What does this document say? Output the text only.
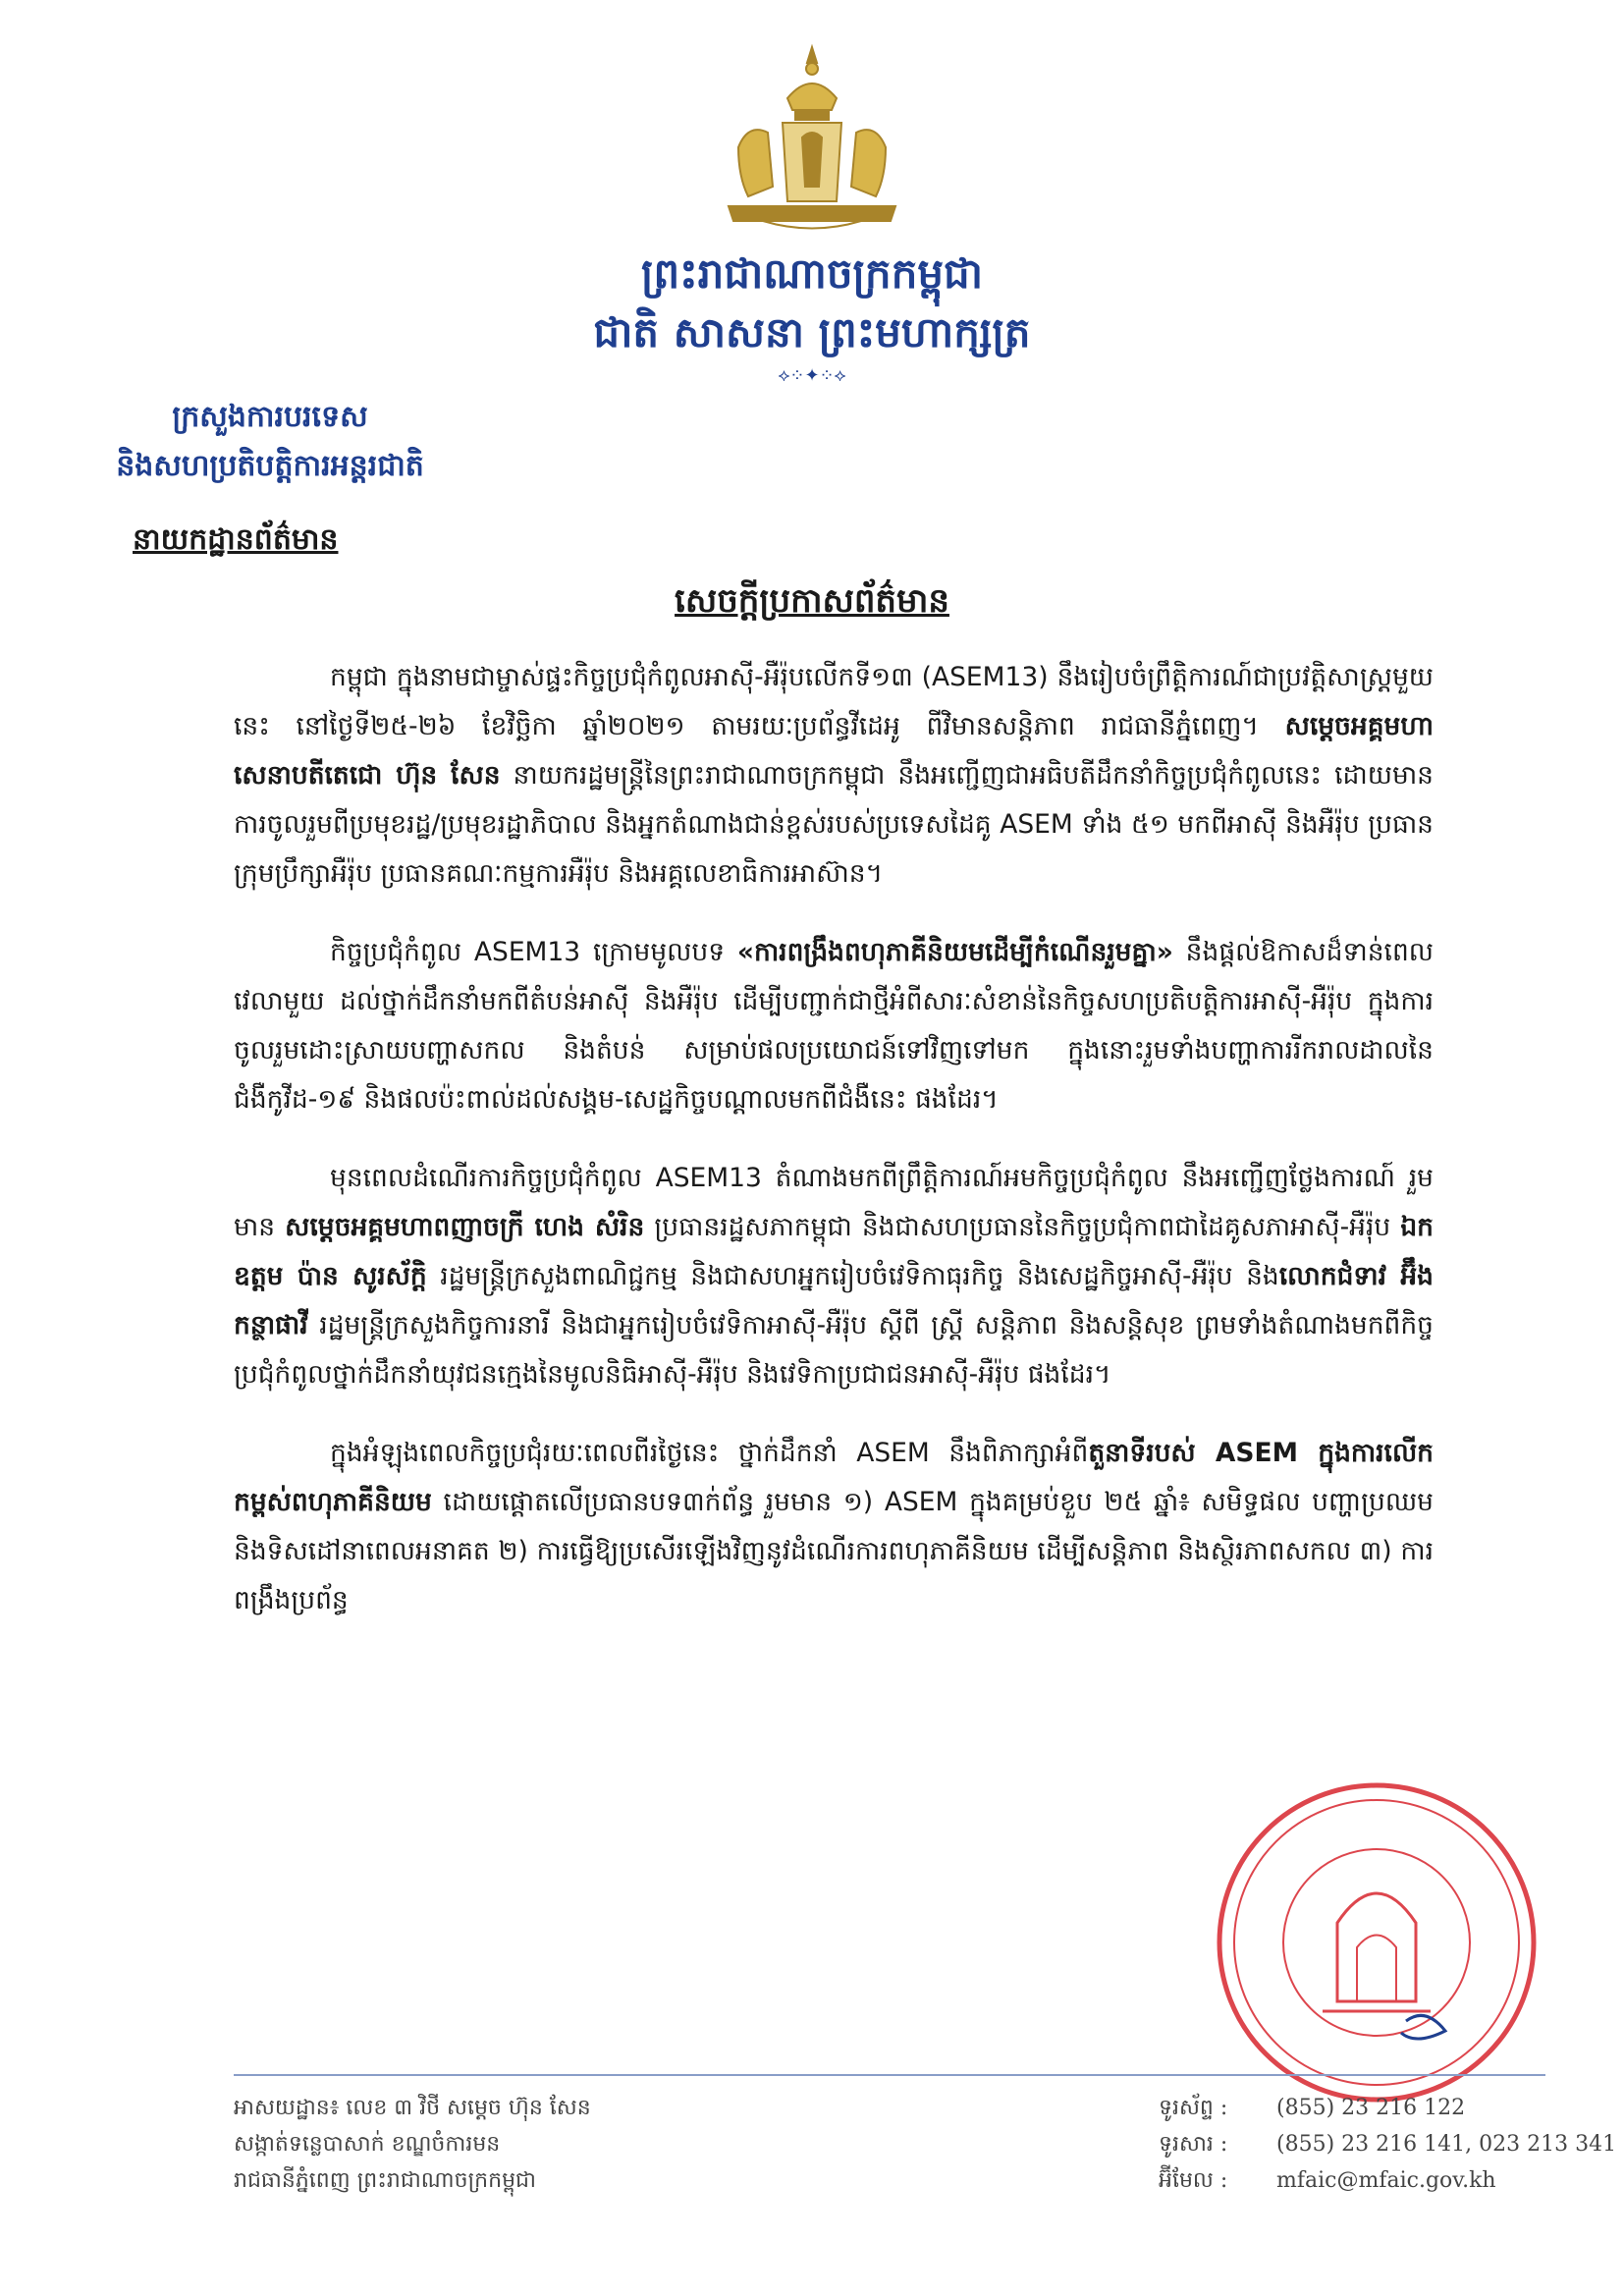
ព្រះរាជាណាចក្រកម្ពុជា
ជាតិ សាសនា ព្រះមហាក្សត្រ
⟡⁘✦⁘⟡
ក្រសួងការបរទេស
និងសហប្រតិបត្តិការអន្តរជាតិ
នាយកដ្ឋានព័ត៌មាន
សេចក្តីប្រកាសព័ត៌មាន

កម្ពុជា ក្នុងនាមជាម្ចាស់ផ្ទះកិច្ចប្រជុំកំពូលអាស៊ី-អឺរ៉ុបលើកទី១៣ (ASEM13) នឹងរៀបចំព្រឹត្តិការណ៍ជាប្រវត្តិសាស្ត្រមួយនេះ នៅថ្ងៃទី២៥-២៦ ខែវិច្ឆិកា ឆ្នាំ២០២១ តាមរយៈប្រព័ន្ធវីដេអូ ពីវិមានសន្តិភាព រាជធានីភ្នំពេញ។ សម្តេចអគ្គមហាសេនាបតីតេជោ ហ៊ុន សែន នាយករដ្ឋមន្ត្រីនៃព្រះរាជាណាចក្រកម្ពុជា នឹងអញ្ជើញជាអធិបតីដឹកនាំកិច្ចប្រជុំកំពូលនេះ ដោយមានការចូលរួមពីប្រមុខរដ្ឋ/ប្រមុខរដ្ឋាភិបាល និងអ្នកតំណាងជាន់ខ្ពស់របស់ប្រទេសដៃគូ ASEM ទាំង ៥១ មកពីអាស៊ី និងអឺរ៉ុប ប្រធានក្រុមប្រឹក្សាអឺរ៉ុប ប្រធានគណៈកម្មការអឺរ៉ុប និងអគ្គលេខាធិការអាស៊ាន។

កិច្ចប្រជុំកំពូល ASEM13 ក្រោមមូលបទ «ការពង្រឹងពហុភាគីនិយមដើម្បីកំណើនរួមគ្នា» នឹងផ្តល់ឱកាសដ៏ទាន់ពេលវេលាមួយ ដល់ថ្នាក់ដឹកនាំមកពីតំបន់អាស៊ី និងអឺរ៉ុប ដើម្បីបញ្ជាក់ជាថ្មីអំពីសារៈសំខាន់នៃកិច្ចសហប្រតិបត្តិការអាស៊ី-អឺរ៉ុប ក្នុងការចូលរួមដោះស្រាយបញ្ហាសកល និងតំបន់ សម្រាប់ផលប្រយោជន៍ទៅវិញទៅមក ក្នុងនោះរួមទាំងបញ្ហាការរីករាលដាលនៃជំងឺកូវីដ-១៩ និងផលប៉ះពាល់ដល់សង្គម-សេដ្ឋកិច្ចបណ្តាលមកពីជំងឺនេះ ផងដែរ។

មុនពេលដំណើរការកិច្ចប្រជុំកំពូល ASEM13 តំណាងមកពីព្រឹត្តិការណ៍អមកិច្ចប្រជុំកំពូល នឹងអញ្ជើញថ្លែងការណ៍ រួមមាន សម្តេចអគ្គមហាពញាចក្រី ហេង សំរិន ប្រធានរដ្ឋសភាកម្ពុជា និងជាសហប្រធាននៃកិច្ចប្រជុំកាពជាដៃគូសភាអាស៊ី-អឺរ៉ុប ឯកឧត្តម ប៉ាន សូរស័ក្តិ រដ្ឋមន្ត្រីក្រសួងពាណិជ្ជកម្ម និងជាសហអ្នករៀបចំវេទិកាធុរកិច្ច និងសេដ្ឋកិច្ចអាស៊ី-អឺរ៉ុប និងលោកជំទាវ អ៊ឹង កន្ថាផាវី រដ្ឋមន្ត្រីក្រសួងកិច្ចការនារី និងជាអ្នករៀបចំវេទិកាអាស៊ី-អឺរ៉ុប ស្តីពី ស្ត្រី សន្តិភាព និងសន្តិសុខ ព្រមទាំងតំណាងមកពីកិច្ចប្រជុំកំពូលថ្នាក់ដឹកនាំយុវជនក្មេងនៃមូលនិធិអាស៊ី-អឺរ៉ុប និងវេទិកាប្រជាជនអាស៊ី-អឺរ៉ុប ផងដែរ។

ក្នុងអំឡុងពេលកិច្ចប្រជុំរយៈពេលពីរថ្ងៃនេះ ថ្នាក់ដឹកនាំ ASEM នឹងពិភាក្សាអំពីតួនាទីរបស់ ASEM ក្នុងការលើកកម្ពស់ពហុភាគីនិយម ដោយផ្តោតលើប្រធានបទ៣ក់ព័ន្ធ រួមមាន ១) ASEM ក្នុងគម្រប់ខួប ២៥ ឆ្នាំ៖ សមិទ្ធផល បញ្ហាប្រឈម និងទិសដៅនាពេលអនាគត ២) ការធ្វើឱ្យប្រសើរឡើងវិញនូវដំណើរការពហុភាគីនិយម ដើម្បីសន្តិភាព និងស្ថិរភាពសកល ៣) ការពង្រឹងប្រព័ន្ធ

អាសយដ្ឋាន៖ លេខ ៣ វិថី សម្តេច ហ៊ុន សែន
សង្កាត់ទន្លេបាសាក់ ខណ្ឌចំការមន
រាជធានីភ្នំពេញ ព្រះរាជាណាចក្រកម្ពុជា
ទូរស័ព្ទ : (855) 23 216 122
ទូរសារ : (855) 23 216 141, 023 213 341
អ៊ីមែល : mfaic@mfaic.gov.kh
